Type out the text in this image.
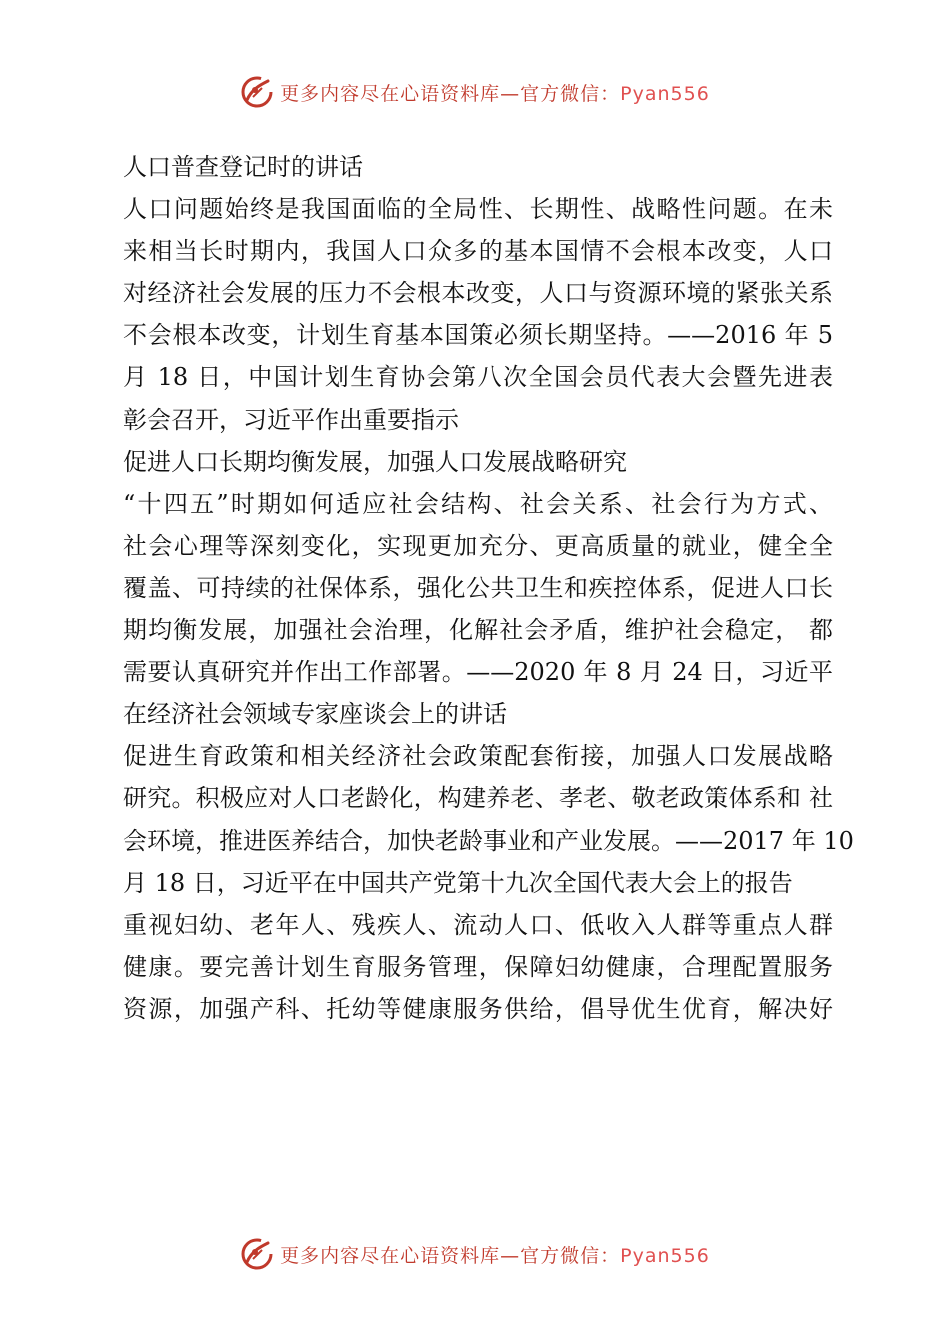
更多内容尽在心语资料库—官方微信：Pyan556
人口普查登记时的讲话
人口问题始终是我国面临的全局性、长期性、战略性问题。在未
来相当长时期内，我国人口众多的基本国情不会根本改变，人口
对经济社会发展的压力不会根本改变，人口与资源环境的紧张关系
不会根本改变，计划生育基本国策必须长期坚持。——2016 年 5
月 18 日，中国计划生育协会第八次全国会员代表大会暨先进表
彰会召开，习近平作出重要指示
促进人口长期均衡发展，加强人口发展战略研究
“十四五”时期如何适应社会结构、社会关系、社会行为方式、
社会心理等深刻变化，实现更加充分、更高质量的就业，健全全
覆盖、可持续的社保体系，强化公共卫生和疾控体系，促进人口长
期均衡发展，加强社会治理，化解社会矛盾，维护社会稳定， 都
需要认真研究并作出工作部署。——2020 年 8 月 24 日，习近平
在经济社会领域专家座谈会上的讲话
促进生育政策和相关经济社会政策配套衔接，加强人口发展战略
研究。积极应对人口老龄化，构建养老、孝老、敬老政策体系和 社
会环境，推进医养结合，加快老龄事业和产业发展。——2017 年 10
月 18 日，习近平在中国共产党第十九次全国代表大会上的报告
重视妇幼、老年人、残疾人、流动人口、低收入人群等重点人群
健康。要完善计划生育服务管理，保障妇幼健康，合理配置服务
资源，加强产科、托幼等健康服务供给，倡导优生优育，解决好
更多内容尽在心语资料库—官方微信：Pyan556
